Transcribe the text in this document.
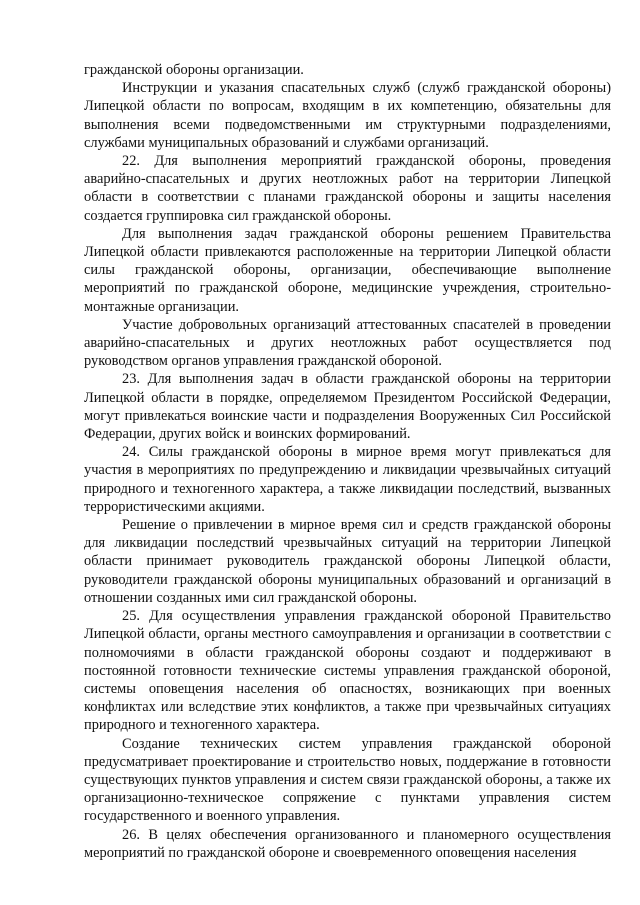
гражданской обороны организации.

Инструкции и указания спасательных служб (служб гражданской обороны) Липецкой области по вопросам, входящим в их компетенцию, обязательны для выполнения всеми подведомственными им структурными подразделениями, службами муниципальных образований и службами организаций.

22. Для выполнения мероприятий гражданской обороны, проведения аварийно-спасательных и других неотложных работ на территории Липецкой области в соответствии с планами гражданской обороны и защиты населения создается группировка сил гражданской обороны.

Для выполнения задач гражданской обороны решением Правительства Липецкой области привлекаются расположенные на территории Липецкой области силы гражданской обороны, организации, обеспечивающие выполнение мероприятий по гражданской обороне, медицинские учреждения, строительно-монтажные организации.

Участие добровольных организаций аттестованных спасателей в проведении аварийно-спасательных и других неотложных работ осуществляется под руководством органов управления гражданской обороной.

23. Для выполнения задач в области гражданской обороны на территории Липецкой области в порядке, определяемом Президентом Российской Федерации, могут привлекаться воинские части и подразделения Вооруженных Сил Российской Федерации, других войск и воинских формирований.

24. Силы гражданской обороны в мирное время могут привлекаться для участия в мероприятиях по предупреждению и ликвидации чрезвычайных ситуаций природного и техногенного характера, а также ликвидации последствий, вызванных террористическими акциями.

Решение о привлечении в мирное время сил и средств гражданской обороны для ликвидации последствий чрезвычайных ситуаций на территории Липецкой области принимает руководитель гражданской обороны Липецкой области, руководители гражданской обороны муниципальных образований и организаций в отношении созданных ими сил гражданской обороны.

25. Для осуществления управления гражданской обороной Правительство Липецкой области, органы местного самоуправления и организации в соответствии с полномочиями в области гражданской обороны создают и поддерживают в постоянной готовности технические системы управления гражданской обороной, системы оповещения населения об опасностях, возникающих при военных конфликтах или вследствие этих конфликтов, а также при чрезвычайных ситуациях природного и техногенного характера.

Создание технических систем управления гражданской обороной предусматривает проектирование и строительство новых, поддержание в готовности существующих пунктов управления и систем связи гражданской обороны, а также их организационно-техническое сопряжение с пунктами управления систем государственного и военного управления.

26. В целях обеспечения организованного и планомерного осуществления мероприятий по гражданской обороне и своевременного оповещения населения
